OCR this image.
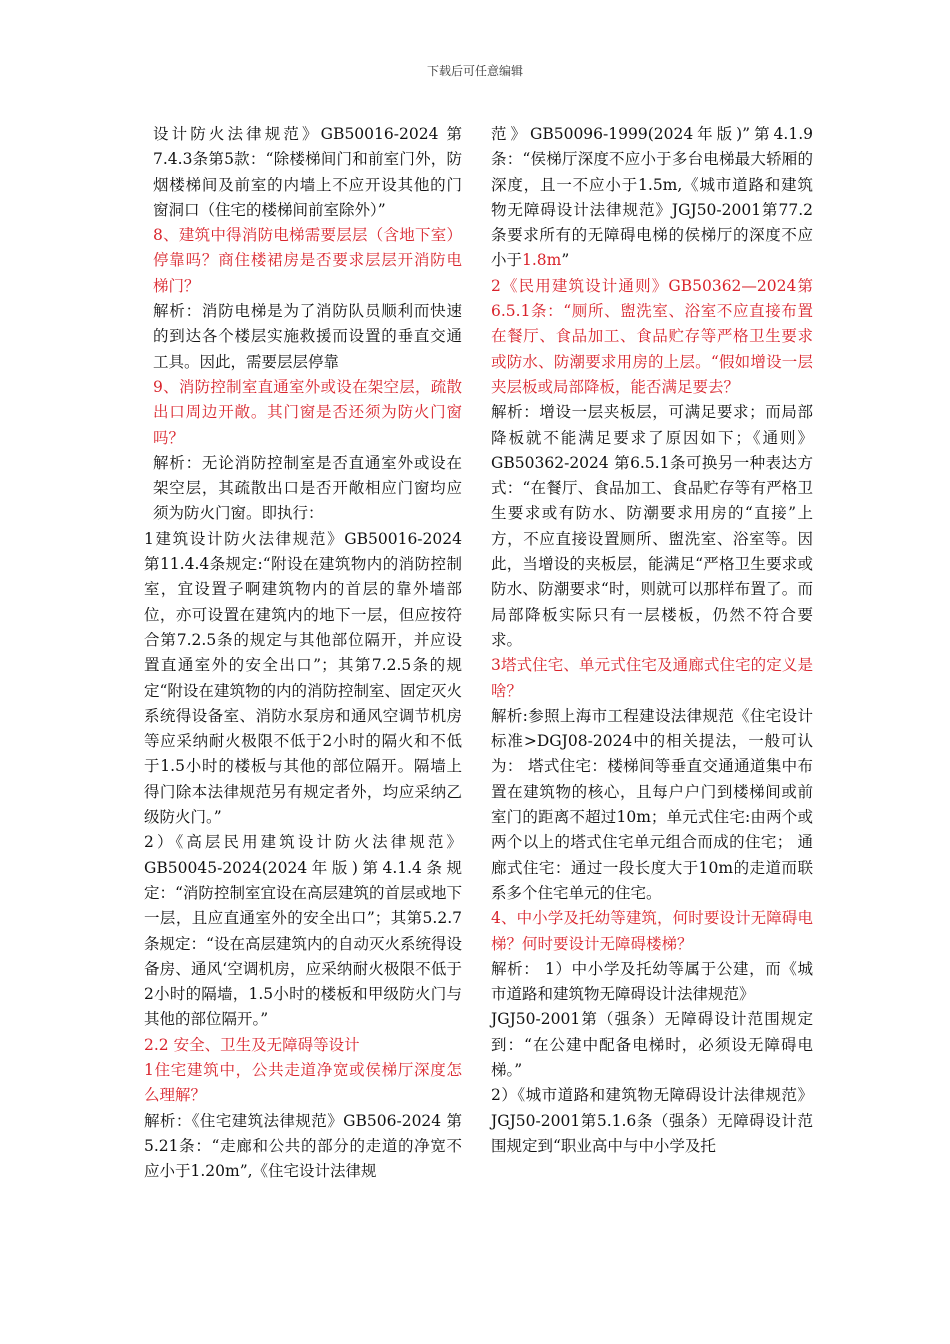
下载后可任意编辑

设计防火法律规范》GB50016-2024 第7.4.3条第5款：“除楼梯间门和前室门外，防烟楼梯间及前室的内墙上不应开设其他的门窗洞口（住宅的楼梯间前室除外）”

8、建筑中得消防电梯需要层层（含地下室）停靠吗？商住楼裙房是否要求层层开消防电梯门？

解析：消防电梯是为了消防队员顺利而快速的到达各个楼层实施救援而设置的垂直交通工具。因此，需要层层停靠

9、消防控制室直通室外或设在架空层，疏散出口周边开敞。其门窗是否还须为防火门窗吗？

解析：无论消防控制室是否直通室外或设在架空层，其疏散出口是否开敞相应门窗均应须为防火门窗。即执行：

1建筑设计防火法律规范》GB50016-2024 第11.4.4条规定:“附设在建筑物内的消防控制室，宜设置子啊建筑物内的首层的靠外墙部位，亦可设置在建筑内的地下一层，但应按符合第7.2.5条的规定与其他部位隔开，并应设置直通室外的安全出口”；其第7.2.5条的规定“附设在建筑物的内的消防控制室、固定灭火系统得设备室、消防水泵房和通风空调节机房等应采纳耐火极限不低于2小时的隔火和不低于1.5小时的楼板与其他的部位隔开。隔墙上得门除本法律规范另有规定者外，均应采纳乙级防火门。”

2）《高层民用建筑设计防火法律规范》GB50045-2024(2024年版)第4.1.4条规定：“消防控制室宜设在高层建筑的首层或地下一层，且应直通室外的安全出口”；其第5.2.7条规定：“设在高层建筑内的自动灭火系统得设备房、通风‘空调机房，应采纳耐火极限不低于2小时的隔墙，1.5小时的楼板和甲级防火门与其他的部位隔开。”

2.2 安全、卫生及无障碍等设计

1住宅建筑中，公共走道净宽或侯梯厅深度怎么理解？

解析：《住宅建筑法律规范》GB506-2024 第5.21条：“走廊和公共的部分的走道的净宽不应小于1.20m”,《住宅设计法律规

范》GB50096-1999(2024年版)”第4.1.9条：“侯梯厅深度不应小于多台电梯最大轿厢的深度，且一不应小于1.5m,《城市道路和建筑物无障碍设计法律规范》JGJ50-2001第77.2条要求所有的无障碍电梯的侯梯厅的深度不应小于1.8m”

2《民用建筑设计通则》GB50362—2024第6.5.1条：“厕所、盥洗室、浴室不应直接布置在餐厅、食品加工、食品贮存等严格卫生要求或防水、防潮要求用房的上层。“假如增设一层夹层板或局部降板，能否满足要去？

解析：增设一层夹板层，可满足要求；而局部降板就不能满足要求了原因如下；《通则》GB50362-2024 第6.5.1条可换另一种表达方式：“在餐厅、食品加工、食品贮存等有严格卫生要求或有防水、防潮要求用房的“直接”上方，不应直接设置厕所、盥洗室、浴室等。因此，当增设的夹板层，能满足“严格卫生要求或防水、防潮要求“时，则就可以那样布置了。而局部降板实际只有一层楼板，仍然不符合要求。

3塔式住宅、单元式住宅及通廊式住宅的定义是啥？

解析:参照上海市工程建设法律规范《住宅设计标准>DGJ08-2024中的相关提法，一般可认为： 塔式住宅：楼梯间等垂直交通通道集中布置在建筑物的核心，且每户户门到楼梯间或前室门的距离不超过10m；单元式住宅:由两个或两个以上的塔式住宅单元组合而成的住宅； 通廊式住宅：通过一段长度大于10m的走道而联系多个住宅单元的住宅。

4、中小学及托幼等建筑，何时要设计无障碍电梯？何时要设计无障碍楼梯？

解析： 1）中小学及托幼等属于公建，而《城市道路和建筑物无障碍设计法律规范》

JGJ50-2001第（强条）无障碍设计范围规定到：“在公建中配备电梯时，必须设无障碍电梯。”

2）《城市道路和建筑物无障碍设计法律规范》JGJ50-2001第5.1.6条（强条）无障碍设计范围规定到“职业高中与中小学及托
